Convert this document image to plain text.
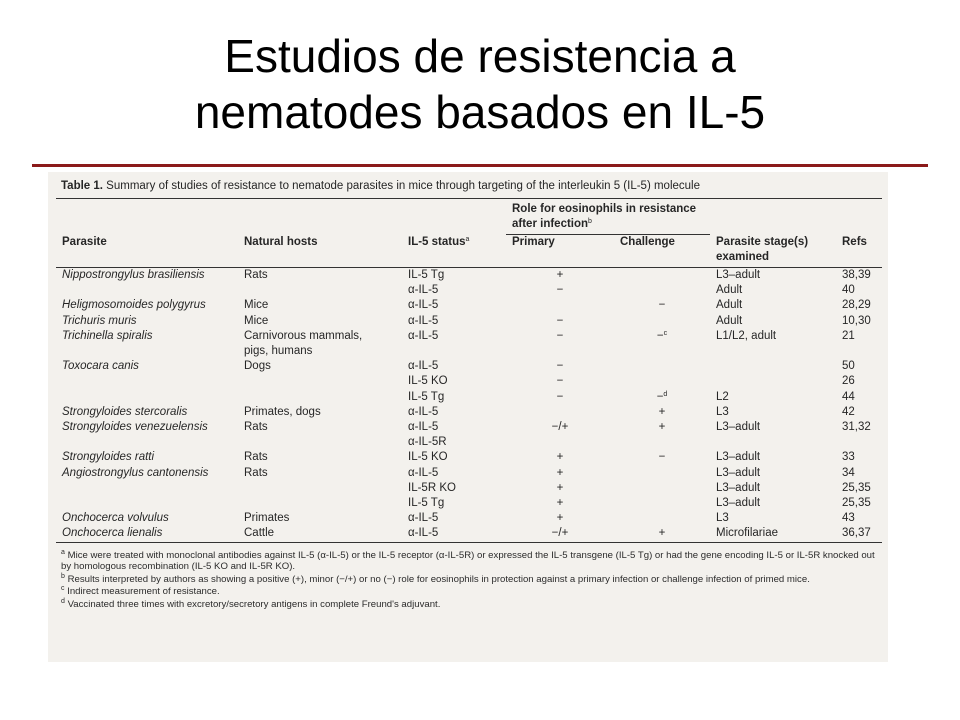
Estudios de resistencia a
nematodes basados en IL-5
Table 1. Summary of studies of resistance to nematode parasites in mice through targeting of the interleukin 5 (IL-5) molecule
			Role for eosinophils in resistance after infection$^b$		
Parasite	Natural hosts	IL-5 status$^a$	Primary	Challenge	Parasite stage(s) examined	Refs
Nippostrongylus brasiliensis	Rats	IL-5 Tg	+		L3–adult	38,39
		α-IL-5	−		Adult	40
Heligmosomoides polygyrus	Mice	α-IL-5		−	Adult	28,29
Trichuris muris	Mice	α-IL-5	−		Adult	10,30
Trichinella spiralis	Carnivorous mammals,	α-IL-5	−	−$^c$	L1/L2, adult	21
	pigs, humans					
Toxocara canis	Dogs	α-IL-5	−			50
		IL-5 KO	−			26
		IL-5 Tg	−	−$^d$	L2	44
Strongyloides stercoralis	Primates, dogs	α-IL-5		+	L3	42
Strongyloides venezuelensis	Rats	α-IL-5	−/+	+	L3–adult	31,32
		α-IL-5R				
Strongyloides ratti	Rats	IL-5 KO	+	−	L3–adult	33
Angiostrongylus cantonensis	Rats	α-IL-5	+		L3–adult	34
		IL-5R KO	+		L3–adult	25,35
		IL-5 Tg	+		L3–adult	25,35
Onchocerca volvulus	Primates	α-IL-5	+		L3	43
Onchocerca lienalis	Cattle	α-IL-5	−/+	+	Microfilariae	36,37

$^a$ Mice were treated with monoclonal antibodies against IL-5 (α-IL-5) or the IL-5 receptor (α-IL-5R) or expressed the IL-5 transgene (IL-5 Tg) or had the gene encoding IL-5 or IL-5R knocked out by homologous recombination (IL-5 KO and IL-5R KO).
$^b$ Results interpreted by authors as showing a positive (+), minor (−/+) or no (−) role for eosinophils in protection against a primary infection or challenge infection of primed mice.
$^c$ Indirect measurement of resistance.
$^d$ Vaccinated three times with excretory/secretory antigens in complete Freund's adjuvant.
